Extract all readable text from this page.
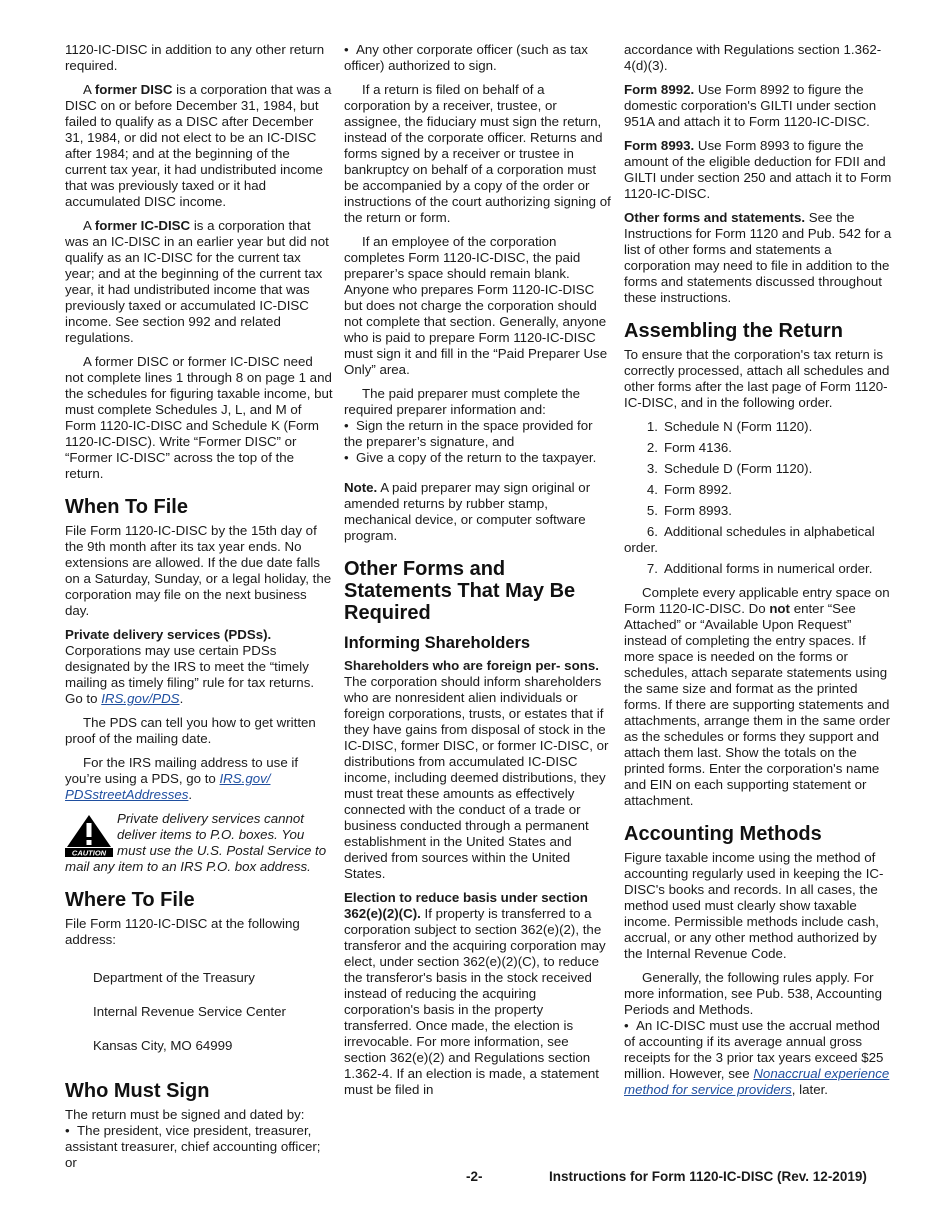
1120-IC-DISC in addition to any other return required.

A former DISC is a corporation that was a DISC on or before December 31, 1984, but failed to qualify as a DISC after December 31, 1984, or did not elect to be an IC-DISC after 1984; and at the beginning of the current tax year, it had undistributed income that was previously taxed or it had accumulated DISC income.

A former IC-DISC is a corporation that was an IC-DISC in an earlier year but did not qualify as an IC-DISC for the current tax year; and at the beginning of the current tax year, it had undistributed income that was previously taxed or accumulated IC-DISC income. See section 992 and related regulations.

A former DISC or former IC-DISC need not complete lines 1 through 8 on page 1 and the schedules for figuring taxable income, but must complete Schedules J, L, and M of Form 1120-IC-DISC and Schedule K (Form 1120-IC-DISC). Write “Former DISC” or “Former IC-DISC” across the top of the return.

When To File

File Form 1120-IC-DISC by the 15th day of the 9th month after its tax year ends. No extensions are allowed. If the due date falls on a Saturday, Sunday, or a legal holiday, the corporation may file on the next business day.

Private delivery services (PDSs). Corporations may use certain PDSs designated by the IRS to meet the “timely mailing as timely filing” rule for tax returns. Go to IRS.gov/PDS.

The PDS can tell you how to get written proof of the mailing date.

For the IRS mailing address to use if you’re using a PDS, go to IRS.gov/ PDSstreetAddresses.

CAUTION
Private delivery services cannot deliver items to P.O. boxes. You must use the U.S. Postal Service to mail any item to an IRS P.O. box address.
Where To File

File Form 1120-IC-DISC at the following address:

Department of the Treasury

Internal Revenue Service Center

Kansas City, MO 64999

Who Must Sign

The return must be signed and dated by:

•  The president, vice president, treasurer, assistant treasurer, chief accounting officer; or

•  Any other corporate officer (such as tax officer) authorized to sign.

If a return is filed on behalf of a corporation by a receiver, trustee, or assignee, the fiduciary must sign the return, instead of the corporate officer. Returns and forms signed by a receiver or trustee in bankruptcy on behalf of a corporation must be accompanied by a copy of the order or instructions of the court authorizing signing of the return or form.

If an employee of the corporation completes Form 1120-IC-DISC, the paid preparer’s space should remain blank. Anyone who prepares Form 1120-IC-DISC but does not charge the corporation should not complete that section. Generally, anyone who is paid to prepare Form 1120-IC-DISC must sign it and fill in the “Paid Preparer Use Only” area.

The paid preparer must complete the required preparer information and:

•  Sign the return in the space provided for the preparer’s signature, and

•  Give a copy of the return to the taxpayer.

Note. A paid preparer may sign original or amended returns by rubber stamp, mechanical device, or computer software program.

Other Forms and Statements That May Be Required
Informing Shareholders

Shareholders who are foreign per- sons. The corporation should inform shareholders who are nonresident alien individuals or foreign corporations, trusts, or estates that if they have gains from disposal of stock in the IC-DISC, former DISC, or former IC-DISC, or distributions from accumulated IC-DISC income, including deemed distributions, they must treat these amounts as effectively connected with the conduct of a trade or business conducted through a permanent establishment in the United States and derived from sources within the United States.

Election to reduce basis under section 362(e)(2)(C). If property is transferred to a corporation subject to section 362(e)(2), the transferor and the acquiring corporation may elect, under section 362(e)(2)(C), to reduce the transferor's basis in the stock received instead of reducing the acquiring corporation's basis in the property transferred. Once made, the election is irrevocable. For more information, see section 362(e)(2) and Regulations section 1.362-4. If an election is made, a statement must be filed in

accordance with Regulations section 1.362-4(d)(3).

Form 8992. Use Form 8992 to figure the domestic corporation's GILTI under section 951A and attach it to Form 1120-IC-DISC.

Form 8993. Use Form 8993 to figure the amount of the eligible deduction for FDII and GILTI under section 250 and attach it to Form 1120-IC-DISC.

Other forms and statements. See the Instructions for Form 1120 and Pub. 542 for a list of other forms and statements a corporation may need to file in addition to the forms and statements discussed throughout these instructions.

Assembling the Return

To ensure that the corporation's tax return is correctly processed, attach all schedules and other forms after the last page of Form 1120-IC-DISC, and in the following order.

1. Schedule N (Form 1120).
2. Form 4136.
3. Schedule D (Form 1120).
4. Form 8992.
5. Form 8993.
6. Additional schedules in alphabetical order.
7. Additional forms in numerical order.

Complete every applicable entry space on Form 1120-IC-DISC. Do not enter “See Attached” or “Available Upon Request” instead of completing the entry spaces. If more space is needed on the forms or schedules, attach separate statements using the same size and format as the printed forms. If there are supporting statements and attachments, arrange them in the same order as the schedules or forms they support and attach them last. Show the totals on the printed forms. Enter the corporation's name and EIN on each supporting statement or attachment.

Accounting Methods

Figure taxable income using the method of accounting regularly used in keeping the IC-DISC's books and records. In all cases, the method used must clearly show taxable income. Permissible methods include cash, accrual, or any other method authorized by the Internal Revenue Code.

Generally, the following rules apply. For more information, see Pub. 538, Accounting Periods and Methods.

•  An IC-DISC must use the accrual method of accounting if its average annual gross receipts for the 3 prior tax years exceed $25 million. However, see Nonaccrual experience method for service providers, later.

-2-	Instructions for Form 1120-IC-DISC (Rev. 12-2019)
